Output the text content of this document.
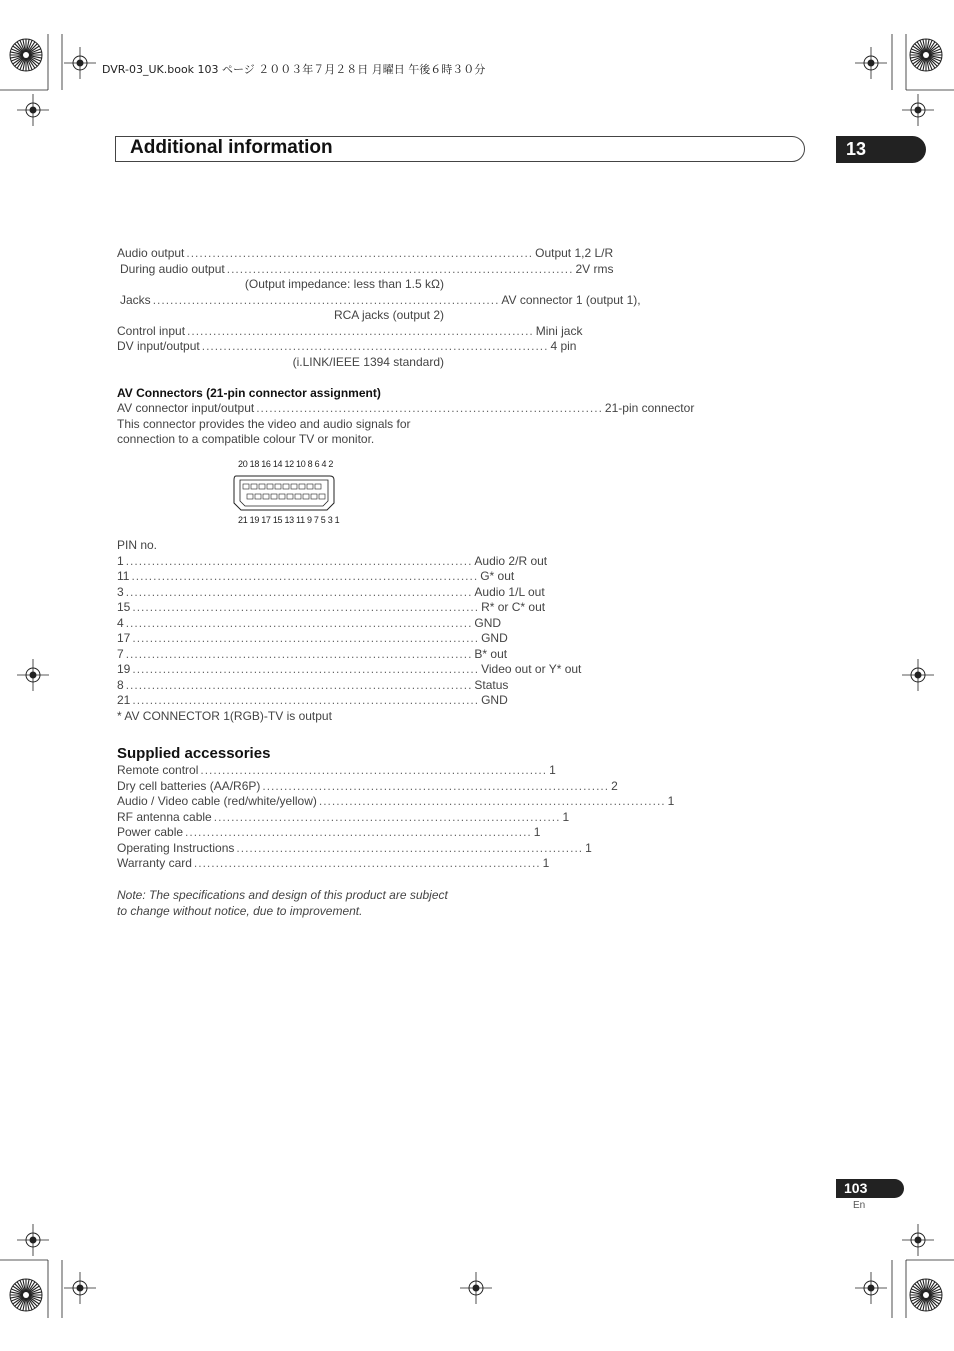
DVR-03_UK.book 103 ページ ２００３年７月２８日 月曜日 午後６時３０分
Additional information	13
Audio output ................................................................................ Output 1,2 L/R
During audio output ................................................................................ 2V rms
(Output impedance: less than 1.5 kΩ)
Jacks ................................................................................ AV connector 1 (output 1),
RCA jacks (output 2)
Control input ................................................................................ Mini jack
DV input/output ................................................................................ 4 pin
(i.LINK/IEEE 1394 standard)
AV Connectors (21-pin connector assignment)
AV connector input/output ................................................................................ 21-pin connector
This connector provides the video and audio signals for
connection to a compatible colour TV or monitor.
20 18 16 14 12 10 8 6 4 2
21 19 17 15 13 11 9 7 5 3 1
PIN no.
1 ................................................................................ Audio 2/R out
11 ................................................................................ G* out
3 ................................................................................ Audio 1/L out
15 ................................................................................ R* or C* out
4 ................................................................................ GND
17 ................................................................................ GND
7 ................................................................................ B* out
19 ................................................................................ Video out or Y* out
8 ................................................................................ Status
21 ................................................................................ GND
* AV CONNECTOR 1(RGB)-TV is output
Supplied accessories
Remote control ................................................................................ 1
Dry cell batteries (AA/R6P) ................................................................................ 2
Audio / Video cable (red/white/yellow) ................................................................................ 1
RF antenna cable ................................................................................ 1
Power cable ................................................................................ 1
Operating Instructions ................................................................................ 1
Warranty card ................................................................................ 1
Note: The specifications and design of this product are subject
to change without notice, due to improvement.
103
En
